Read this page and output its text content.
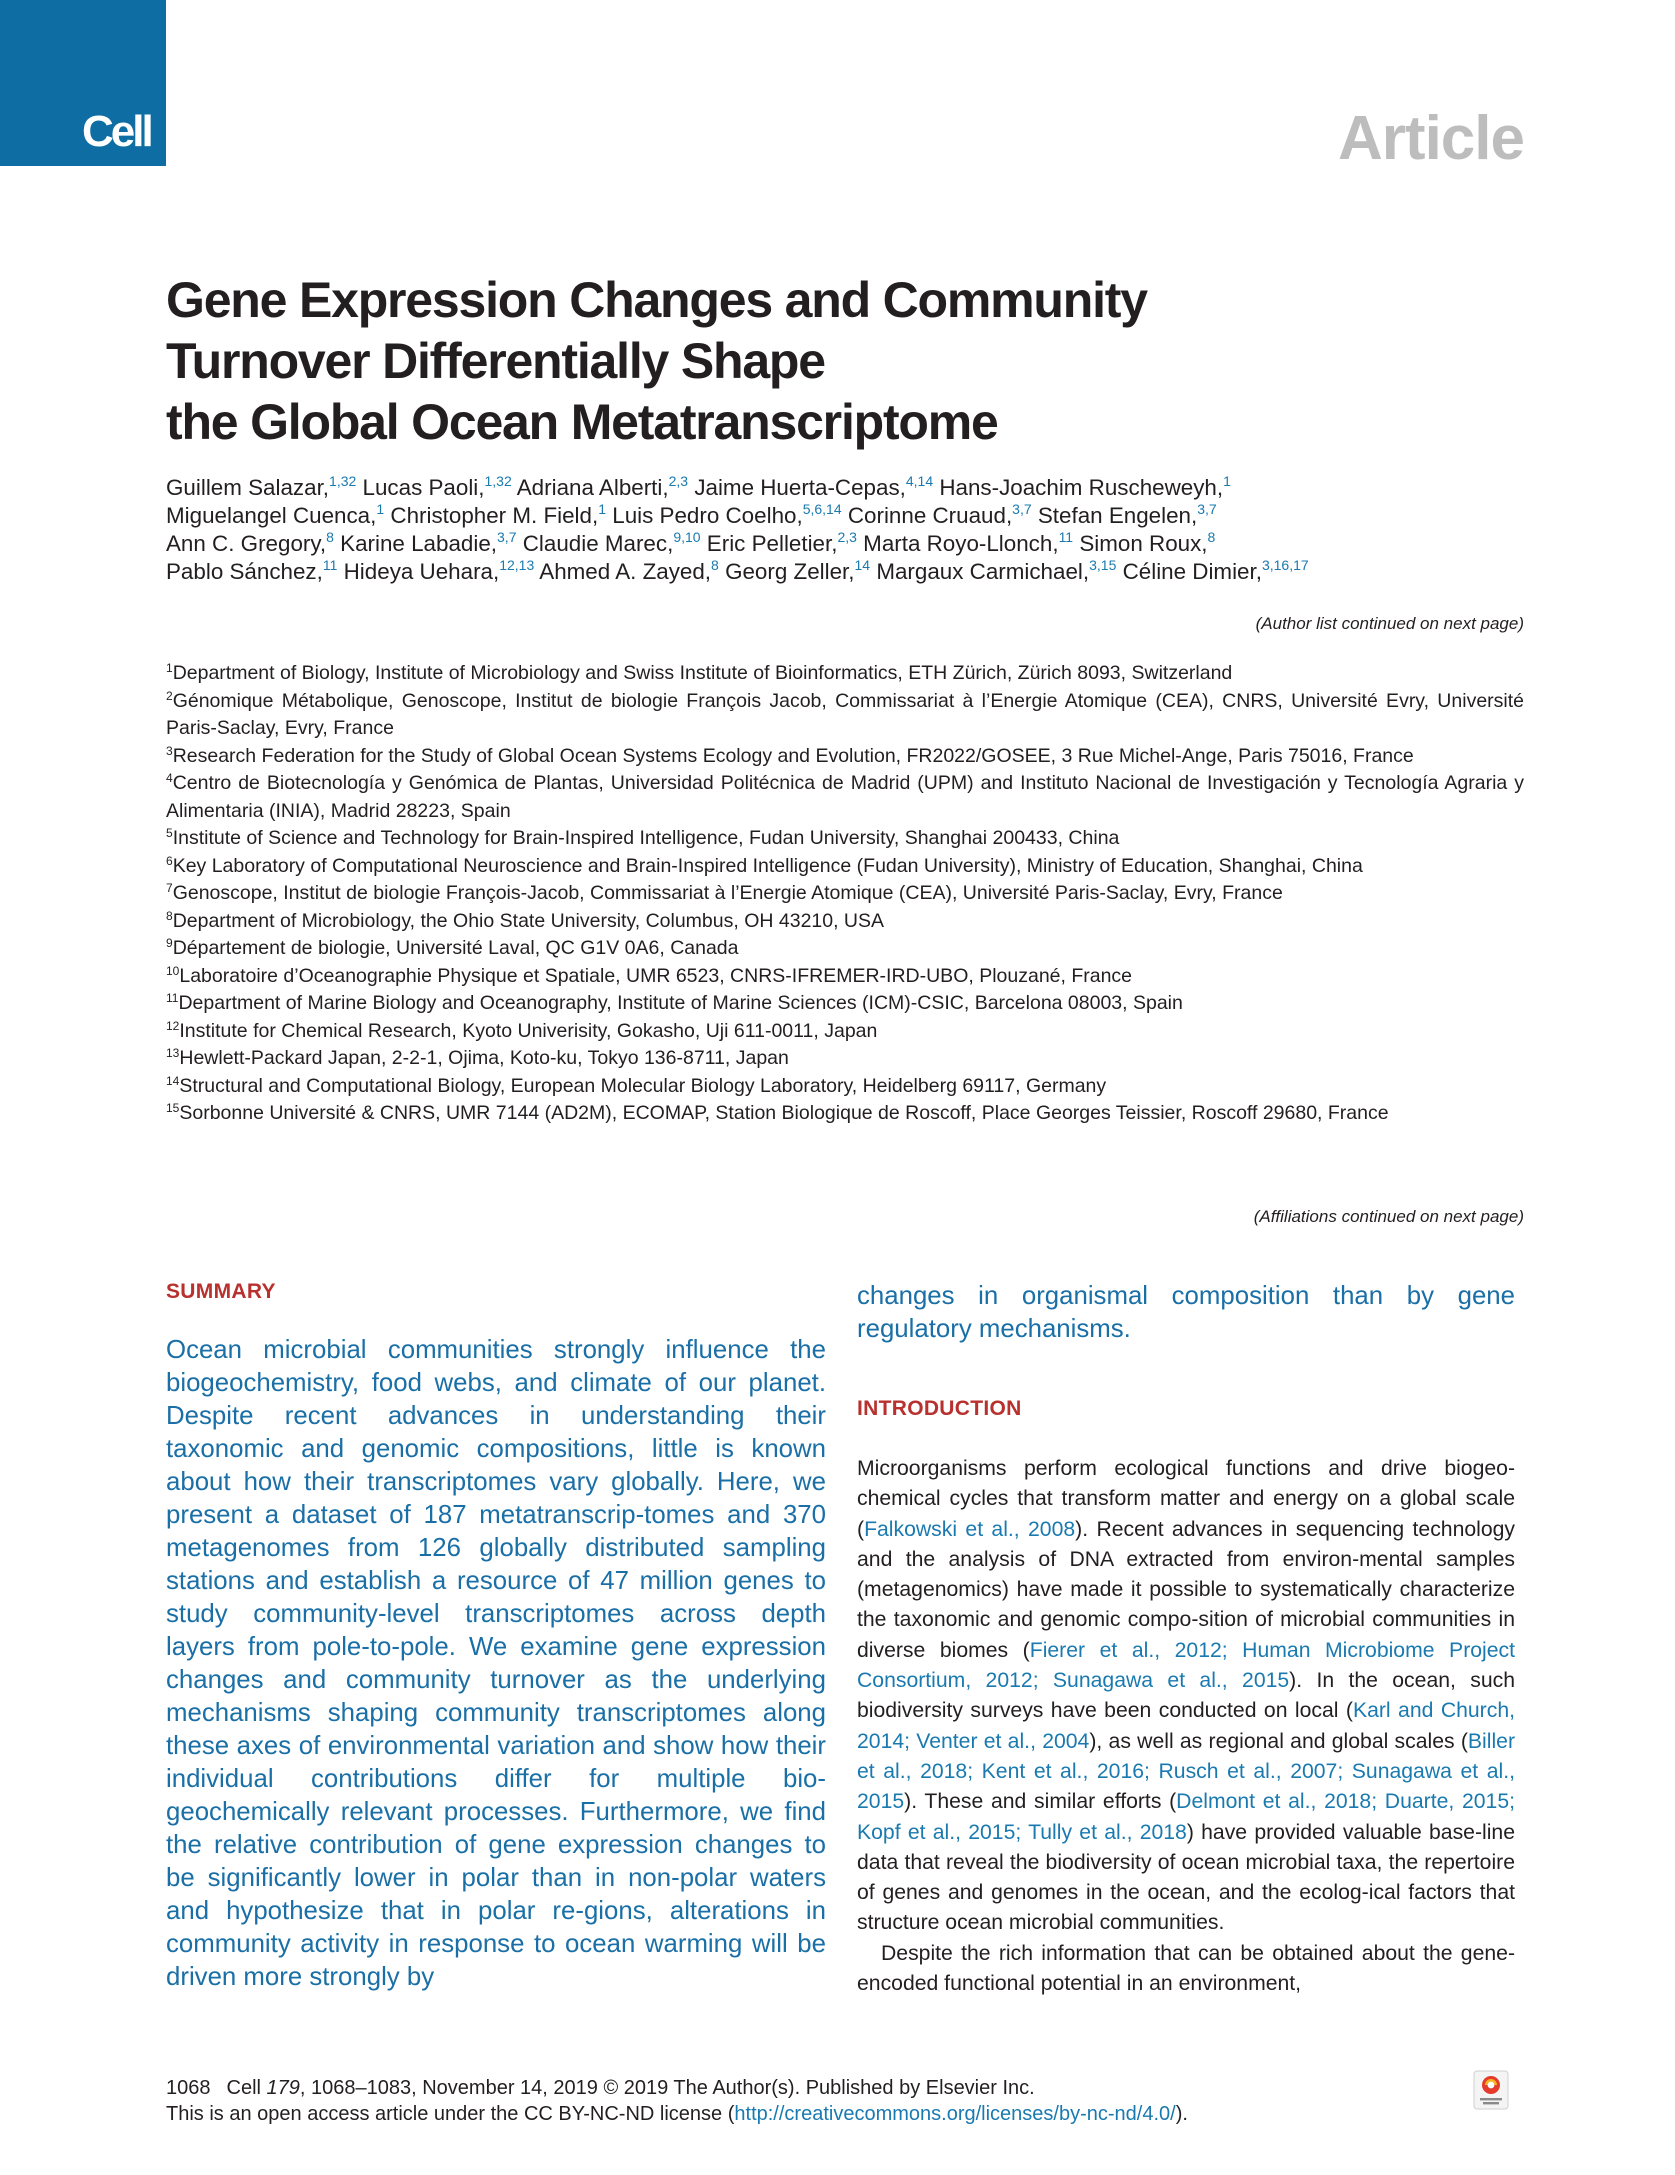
Cell	Article
Gene Expression Changes and Community
Turnover Differentially Shape
the Global Ocean Metatranscriptome
Guillem Salazar,$^{1,32}$ Lucas Paoli,$^{1,32}$ Adriana Alberti,$^{2,3}$ Jaime Huerta-Cepas,$^{4,14}$ Hans-Joachim Ruscheweyh,$^1$
Miguelangel Cuenca,$^1$ Christopher M. Field,$^1$ Luis Pedro Coelho,$^{5,6,14}$ Corinne Cruaud,$^{3,7}$ Stefan Engelen,$^{3,7}$
Ann C. Gregory,$^8$ Karine Labadie,$^{3,7}$ Claudie Marec,$^{9,10}$ Eric Pelletier,$^{2,3}$ Marta Royo-Llonch,$^{11}$ Simon Roux,$^8$
Pablo Sánchez,$^{11}$ Hideya Uehara,$^{12,13}$ Ahmed A. Zayed,$^8$ Georg Zeller,$^{14}$ Margaux Carmichael,$^{3,15}$ Céline Dimier,$^{3,16,17}$
(Author list continued on next page)
$^1$Department of Biology, Institute of Microbiology and Swiss Institute of Bioinformatics, ETH Zürich, Zürich 8093, Switzerland
$^2$Génomique Métabolique, Genoscope, Institut de biologie François Jacob, Commissariat à l’Energie Atomique (CEA), CNRS, Université Evry, Université Paris-Saclay, Evry, France
$^3$Research Federation for the Study of Global Ocean Systems Ecology and Evolution, FR2022/GOSEE, 3 Rue Michel-Ange, Paris 75016, France
$^4$Centro de Biotecnología y Genómica de Plantas, Universidad Politécnica de Madrid (UPM) and Instituto Nacional de Investigación y Tecnología Agraria y Alimentaria (INIA), Madrid 28223, Spain
$^5$Institute of Science and Technology for Brain-Inspired Intelligence, Fudan University, Shanghai 200433, China
$^6$Key Laboratory of Computational Neuroscience and Brain-Inspired Intelligence (Fudan University), Ministry of Education, Shanghai, China
$^7$Genoscope, Institut de biologie François-Jacob, Commissariat à l’Energie Atomique (CEA), Université Paris-Saclay, Evry, France
$^8$Department of Microbiology, the Ohio State University, Columbus, OH 43210, USA
$^9$Département de biologie, Université Laval, QC G1V 0A6, Canada
$^{10}$Laboratoire d’Oceanographie Physique et Spatiale, UMR 6523, CNRS-IFREMER-IRD-UBO, Plouzané, France
$^{11}$Department of Marine Biology and Oceanography, Institute of Marine Sciences (ICM)-CSIC, Barcelona 08003, Spain
$^{12}$Institute for Chemical Research, Kyoto Univerisity, Gokasho, Uji 611-0011, Japan
$^{13}$Hewlett-Packard Japan, 2-2-1, Ojima, Koto-ku, Tokyo 136-8711, Japan
$^{14}$Structural and Computational Biology, European Molecular Biology Laboratory, Heidelberg 69117, Germany
$^{15}$Sorbonne Université & CNRS, UMR 7144 (AD2M), ECOMAP, Station Biologique de Roscoff, Place Georges Teissier, Roscoff 29680, France
(Affiliations continued on next page)
SUMMARY

Ocean microbial communities strongly influence the biogeochemistry, food webs, and climate of our planet. Despite recent advances in understanding their taxonomic and genomic compositions, little is known about how their transcriptomes vary globally. Here, we present a dataset of 187 metatranscrip-tomes and 370 metagenomes from 126 globally distributed sampling stations and establish a resource of 47 million genes to study community-level transcriptomes across depth layers from pole-to-pole. We examine gene expression changes and community turnover as the underlying mechanisms shaping community transcriptomes along these axes of environmental variation and show how their individual contributions differ for multiple bio-geochemically relevant processes. Furthermore, we find the relative contribution of gene expression changes to be significantly lower in polar than in non-polar waters and hypothesize that in polar re-gions, alterations in community activity in response to ocean warming will be driven more strongly by

changes in organismal composition than by gene regulatory mechanisms.

INTRODUCTION

Microorganisms perform ecological functions and drive biogeo-chemical cycles that transform matter and energy on a global scale (Falkowski et al., 2008). Recent advances in sequencing technology and the analysis of DNA extracted from environ-mental samples (metagenomics) have made it possible to systematically characterize the taxonomic and genomic compo-sition of microbial communities in diverse biomes (Fierer et al., 2012; Human Microbiome Project Consortium, 2012; Sunagawa et al., 2015). In the ocean, such biodiversity surveys have been conducted on local (Karl and Church, 2014; Venter et al., 2004), as well as regional and global scales (Biller et al., 2018; Kent et al., 2016; Rusch et al., 2007; Sunagawa et al., 2015). These and similar efforts (Delmont et al., 2018; Duarte, 2015; Kopf et al., 2015; Tully et al., 2018) have provided valuable base-line data that reveal the biodiversity of ocean microbial taxa, the repertoire of genes and genomes in the ocean, and the ecolog-ical factors that structure ocean microbial communities.

Despite the rich information that can be obtained about the gene-encoded functional potential in an environment,

1068 Cell 179, 1068–1083, November 14, 2019 © 2019 The Author(s). Published by Elsevier Inc.
This is an open access article under the CC BY-NC-ND license (http://creativecommons.org/licenses/by-nc-nd/4.0/).
